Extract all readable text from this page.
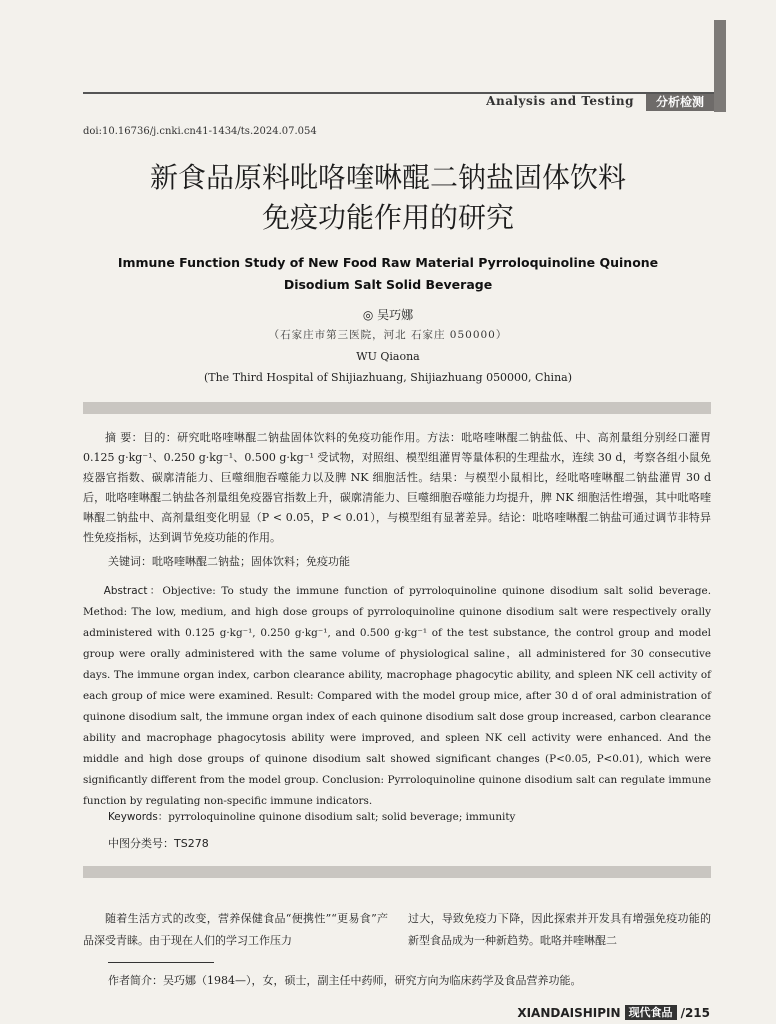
Analysis and Testing	分析检测
doi:10.16736/j.cnki.cn41-1434/ts.2024.07.054
新食品原料吡咯喹啉醌二钠盐固体饮料
免疫功能作用的研究
Immune Function Study of New Food Raw Material Pyrroloquinoline Quinone
Disodium Salt Solid Beverage
◎ 吴巧娜
（石家庄市第三医院，河北 石家庄 050000）
WU Qiaona
(The Third Hospital of Shijiazhuang, Shijiazhuang 050000, China)
摘 要：目的：研究吡咯喹啉醌二钠盐固体饮料的免疫功能作用。方法：吡咯喹啉醌二钠盐低、中、高剂量组分别经口灌胃 0.125 g·kg⁻¹、0.250 g·kg⁻¹、0.500 g·kg⁻¹ 受试物，对照组、模型组灌胃等量体积的生理盐水，连续 30 d，考察各组小鼠免疫器官指数、碳廓清能力、巨噬细胞吞噬能力以及脾 NK 细胞活性。结果：与模型小鼠相比，经吡咯喹啉醌二钠盐灌胃 30 d 后，吡咯喹啉醌二钠盐各剂量组免疫器官指数上升，碳廓清能力、巨噬细胞吞噬能力均提升，脾 NK 细胞活性增强，其中吡咯喹啉醌二钠盐中、高剂量组变化明显（P < 0.05，P < 0.01），与模型组有显著差异。结论：吡咯喹啉醌二钠盐可通过调节非特异性免疫指标，达到调节免疫功能的作用。
关键词：吡咯喹啉醌二钠盐；固体饮料；免疫功能
Abstract：Objective: To study the immune function of pyrroloquinoline quinone disodium salt solid beverage. Method: The low, medium, and high dose groups of pyrroloquinoline quinone disodium salt were respectively orally administered with 0.125 g·kg⁻¹, 0.250 g·kg⁻¹, and 0.500 g·kg⁻¹ of the test substance, the control group and model group were orally administered with the same volume of physiological saline，all administered for 30 consecutive days. The immune organ index, carbon clearance ability, macrophage phagocytic ability, and spleen NK cell activity of each group of mice were examined. Result: Compared with the model group mice, after 30 d of oral administration of quinone disodium salt, the immune organ index of each quinone disodium salt dose group increased, carbon clearance ability and macrophage phagocytosis ability were improved, and spleen NK cell activity were enhanced. And the middle and high dose groups of quinone disodium salt showed significant changes (P<0.05, P<0.01), which were significantly different from the model group. Conclusion: Pyrroloquinoline quinone disodium salt can regulate immune function by regulating non-specific immune indicators.
Keywords：pyrroloquinoline quinone disodium salt; solid beverage; immunity
中图分类号：TS278
随着生活方式的改变，营养保健食品“便携性”“更易食”产品深受青睐。由于现在人们的学习工作压力
过大，导致免疫力下降，因此探索并开发具有增强免疫功能的新型食品成为一种新趋势。吡咯并喹啉醌二
作者简介：吴巧娜（1984—），女，硕士，副主任中药师，研究方向为临床药学及食品营养功能。
XIANDAISHIPIN 现代食品 /215
